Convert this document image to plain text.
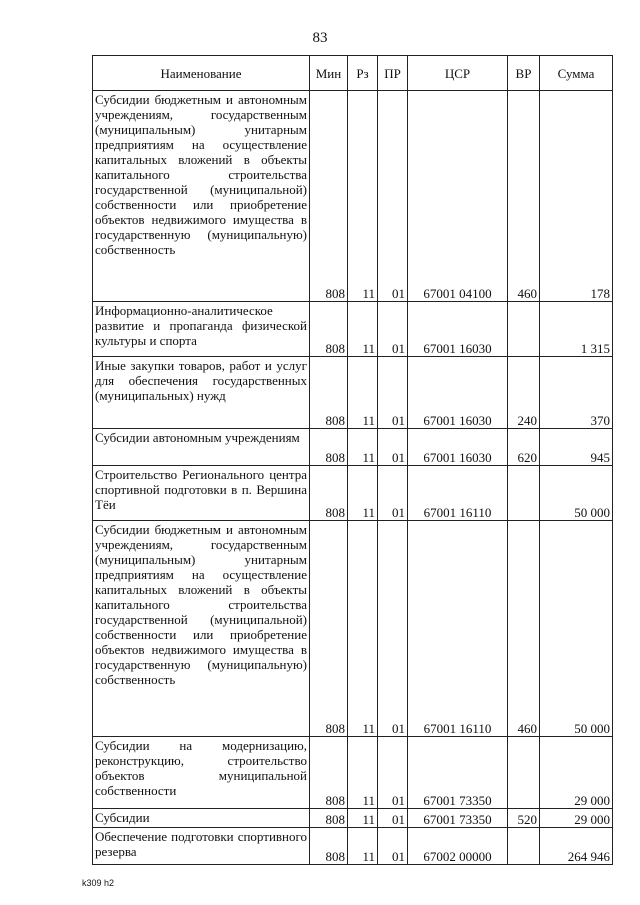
83
Наименование	Мин	Рз	ПР	ЦСР	ВР	Сумма
Субсидии бюджетным и автономным учреждениям, государственным (муниципальным) унитарным предприятиям на осуществление капитальных вложений в объекты капитального строительства государственной (муниципальной) собственности или приобретение объектов недвижимого имущества в государственную (муниципальную) собственность	808	11	01	67001 04100	460	178
Информационно-аналитическое развитие и пропаганда физической культуры и спорта	808	11	01	67001 16030		1 315
Иные закупки товаров, работ и услуг для обеспечения государственных (муниципальных) нужд	808	11	01	67001 16030	240	370
Субсидии автономным учреждениям	808	11	01	67001 16030	620	945
Строительство Регионального центра спортивной подготовки в п. Вершина Тёи	808	11	01	67001 16110		50 000
Субсидии бюджетным и автономным учреждениям, государственным (муниципальным) унитарным предприятиям на осуществление капитальных вложений в объекты капитального строительства государственной (муниципальной) собственности или приобретение объектов недвижимого имущества в государственную (муниципальную) собственность	808	11	01	67001 16110	460	50 000
Субсидии на модернизацию, реконструкцию, строительство объектов муниципальной собственности	808	11	01	67001 73350		29 000
Субсидии	808	11	01	67001 73350	520	29 000
Обеспечение подготовки спортивного резерва	808	11	01	67002 00000		264 946
k309 h2
